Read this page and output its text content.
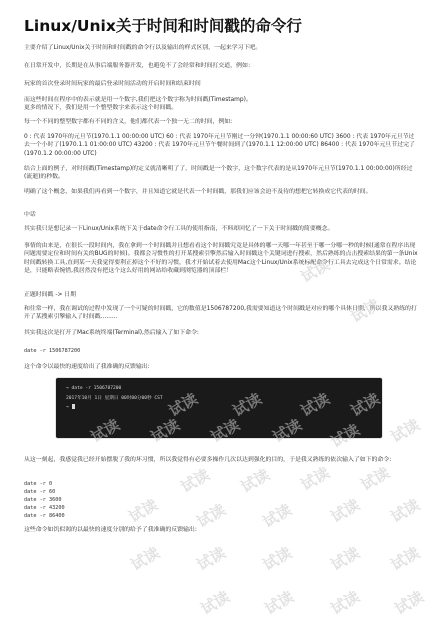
Linux/Unix关于时间和时间戳的命令行
主要介绍了Linux/Unix关于时间和时间戳的命令行以及输出的样式区别，一起来学习下吧。
在日常开发中，长期是在从事后端服务器开发，也避免不了会经常和时间打交道，例如：
玩家的首次登录时间玩家的最后登录时间活动的开启时间和结束时间
而这些时间在程序中的表示就是用一个数字,我们把这个数字称为时间戳(Timestamp)。
更多的情况下，我们是用一个整型数字来表示这个时间戳。
每一个不同的整型数字都有不同的含义，他们都代表一个独一无二的时间，例如:
0 : 代表 1970年的元旦节(1970.1.1 00:00:00 UTC) 60 : 代表 1970年元旦节刚过一分钟(1970.1.1 00:00:60 UTC) 3600 : 代表 1970年元旦节过去一个小时了(1970.1.1 01:00:00 UTC) 43200 : 代表 1970年元旦节午餐时间到了(1970.1.1 12:00:00 UTC) 86400 : 代表 1970年元旦节过完了(1970.1.2 00:00:00 UTC)
结合上面的例子，对时间戳(Timestamp)的定义就清晰明了了，时间戳是一个数字，这个数字代表的是从1970年元旦节(1970.1.1 00:00:00)所经过(流逝)的秒数。
明确了这个概念，如果我们再看到一个数字，并且知道它就是代表一个时间戳，那我们应该会迫不及待的想把它转换成它代表的时间。
中话
其实我只是想记录一下Linux/Unix系统下关于date命令行工具的使用指南，不料却回忆了一下关于时间戳的简要概念。
事情的由来是，在很长一段时间内，我在拿到一个时间戳并且想看看这个时间戳究竟是具体的哪一天哪一年甚至于哪一分哪一秒的时候(通常在程序出现问题需要定位和时间有关的BUG的时候)。我都会习惯性的打开某搜索引擎然后输入时间戳这个关键词进行搜索，然后熟练的点击搜索结果的第一条Unix时间戳转换工具,直到某一天我觉得要利正掉这个不好的习惯，我才开始试着去使用Mac这个Linux/Unix系统标配命令行工具去完成这个日常需求。结论是，只能略表惋惜,我居然没有把这个这么好用的网站给收藏到浏览器的顶部栏！
正题时间戳 -> 日期
和往常一样，我在调试的过程中发现了一个可疑的时间戳，它的数值是1506787200,我需要知道这个时间戳是对应的哪个具体日期，所以我又熟练的打开了某搜索引擎输入了时间戳.........
其实我这次是打开了Mac系统终端(Terminal),然后输入了如下命令:
date -r 1506787200
这个命令以最快的速度给出了我准确的反馈输出:
→ date -r 1506787200
2017年10月 1日 星期日 00时00分00秒 CST
→
从这一刻起，我感觉我已经开始摆脱了我的坏习惯，所以我觉得有必要多操作几次以达到强化的目的，于是我又熟练的依次输入了如下的命令:
date -r 0
date -r 60
date -r 3600
date -r 43200
date -r 86400
这些命令如饥似渴的以最快的速度分别的给予了我准确的反馈输出:
试读
试读
试读 试读 试读 试读
试读 试读 试读 试读 试读 试读
试读 试读 试读 试读
试读 试读 试读 试读 试读
试读 试读 试读 试读 试读
试读 试读 试读 试读
